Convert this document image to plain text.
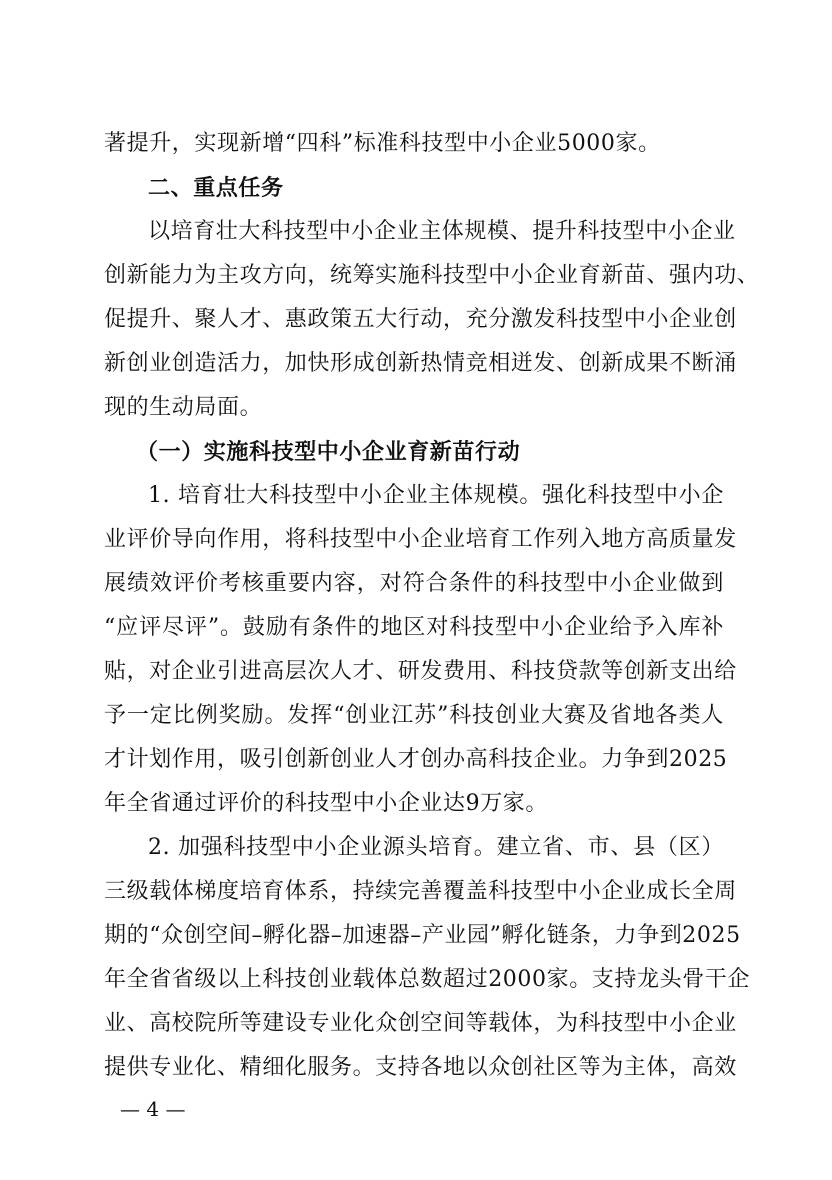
著提升，实现新增“四科”标准科技型中小企业5000家。
二、重点任务
以培育壮大科技型中小企业主体规模、提升科技型中小企业
创新能力为主攻方向，统筹实施科技型中小企业育新苗、强内功、
促提升、聚人才、惠政策五大行动，充分激发科技型中小企业创
新创业创造活力，加快形成创新热情竞相迸发、创新成果不断涌
现的生动局面。
（一）实施科技型中小企业育新苗行动
1. 培育壮大科技型中小企业主体规模。强化科技型中小企
业评价导向作用，将科技型中小企业培育工作列入地方高质量发
展绩效评价考核重要内容，对符合条件的科技型中小企业做到
“应评尽评”。鼓励有条件的地区对科技型中小企业给予入库补
贴，对企业引进高层次人才、研发费用、科技贷款等创新支出给
予一定比例奖励。发挥“创业江苏”科技创业大赛及省地各类人
才计划作用，吸引创新创业人才创办高科技企业。力争到2025
年全省通过评价的科技型中小企业达9万家。
2. 加强科技型中小企业源头培育。建立省、市、县（区）
三级载体梯度培育体系，持续完善覆盖科技型中小企业成长全周
期的“众创空间–孵化器–加速器–产业园”孵化链条，力争到2025
年全省省级以上科技创业载体总数超过2000家。支持龙头骨干企
业、高校院所等建设专业化众创空间等载体，为科技型中小企业
提供专业化、精细化服务。支持各地以众创社区等为主体，高效
— 4 —
